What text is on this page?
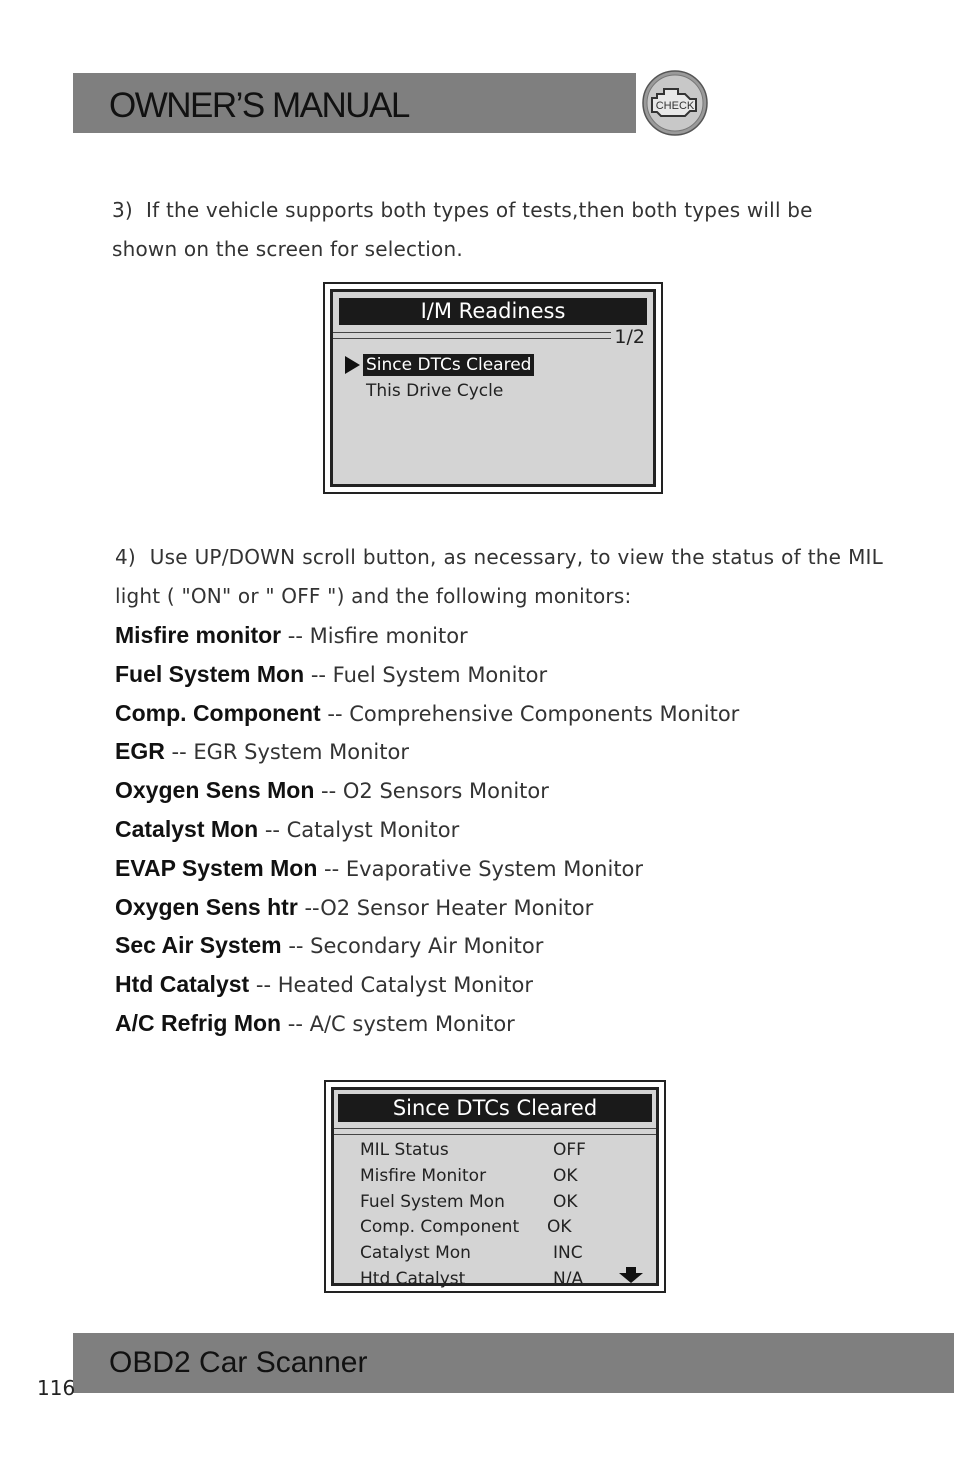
OWNER’S MANUAL	CHECK
3)  If the vehicle supports both types of tests,then both types will be shown on the screen for selection.
I/M Readiness
1/2
Since DTCs Cleared
This Drive Cycle
4)  Use UP/DOWN scroll button, as necessary, to view the status of the MIL light ( "ON" or " OFF ") and the following monitors:
Misfire monitor -- Misfire monitor
Fuel System Mon -- Fuel System Monitor
Comp. Component -- Comprehensive Components Monitor
EGR -- EGR System Monitor
Oxygen Sens Mon -- O2 Sensors Monitor
Catalyst Mon -- Catalyst Monitor
EVAP System Mon -- Evaporative System Monitor
Oxygen Sens htr --O2 Sensor Heater Monitor
Sec Air System -- Secondary Air Monitor
Htd Catalyst -- Heated Catalyst Monitor
A/C Refrig Mon -- A/C system Monitor
Since DTCs Cleared
MIL Status	OFF
Misfire Monitor	OK
Fuel System Mon	OK
Comp. Component OK
Catalyst Mon	INC
Htd Catalyst	N/A
OBD2 Car Scanner
116
